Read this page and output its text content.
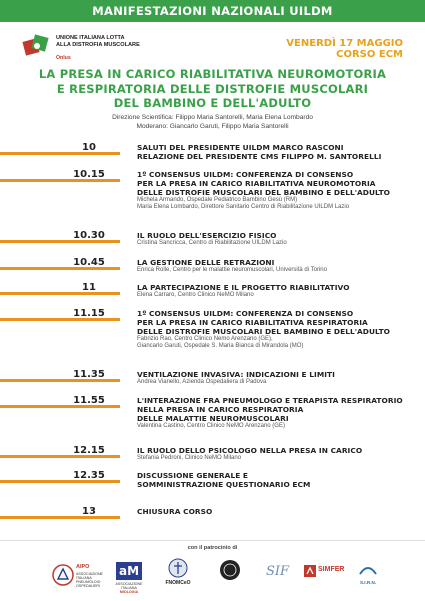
MANIFESTAZIONI NAZIONALI UILDM
UNIONE ITALIANA LOTTA
ALLA DISTROFIA MUSCOLARE
Onlus
VENERDÌ 17 MAGGIO
CORSO ECM
LA PRESA IN CARICO RIABILITATIVA NEUROMOTORIA
E RESPIRATORIA DELLE DISTROFIE MUSCOLARI
DEL BAMBINO E DELL'ADULTO
Direzione Scientifica: Filippo Maria Santorelli, Maria Elena Lombardo
Moderano: Giancarlo Garuti, Filippo Maria Santorelli
10	SALUTI DEL PRESIDENTE UILDM MARCO RASCONI
RELAZIONE DEL PRESIDENTE CMS FILIPPO M. SANTORELLI
10.15	1º CONSENSUS UILDM: CONFERENZA DI CONSENSO
PER LA PRESA IN CARICO RIABILITATIVA NEUROMOTORIA
DELLE DISTROFIE MUSCOLARI DEL BAMBINO E DELL'ADULTO
Michela Armando, Ospedale Pediatrico Bambino Gesù (RM)
Maria Elena Lombardo, Direttore Sanitario Centro di Riabilitazione UILDM Lazio
10.30	IL RUOLO DELL'ESERCIZIO FISICO
Cristina Sancricca, Centro di Riabilitazione UILDM Lazio
10.45	LA GESTIONE DELLE RETRAZIONI
Enrica Rolle, Centro per le malattie neuromuscolari, Università di Torino
11	LA PARTECIPAZIONE E IL PROGETTO RIABILITATIVO
Elena Carraro, Centro Clinico NeMO Milano
11.15	1º CONSENSUS UILDM: CONFERENZA DI CONSENSO
PER LA PRESA IN CARICO RIABILITATIVA RESPIRATORIA
DELLE DISTROFIE MUSCOLARI DEL BAMBINO E DELL'ADULTO
Fabrizio Rao, Centro Clinico Nemo Arenzano (GE),
Giancarlo Garuti, Ospedale S. Maria Bianca di Mirandola (MO)
11.35	VENTILAZIONE INVASIVA: INDICAZIONI E LIMITI
Andrea Vianello, Azienda Ospedaliera di Padova
11.55	L'INTERAZIONE FRA PNEUMOLOGO E TERAPISTA RESPIRATORIO
NELLA PRESA IN CARICO RESPIRATORIA
DELLE MALATTIE NEUROMUSCOLARI
Valentina Castino, Centro Clinico NeMO Arenzano (GE)
12.15	IL RUOLO DELLO PSICOLOGO NELLA PRESA IN CARICO
Stefania Pedroni, Clinico NeMO Milano
12.35	DISCUSSIONE GENERALE E
SOMMINISTRAZIONE QUESTIONARIO ECM
13	CHIUSURA CORSO
con il patrocinio di
AIPO
ASSOCIAZIONE
ITALIANA
PNEUMOLOGI
OSPEDALIERI
aM
ASSOCIAZIONE ITALIANA
MIOLOGIA
FNOMCeO
SIF	SIMFER
S.I.R.N.
